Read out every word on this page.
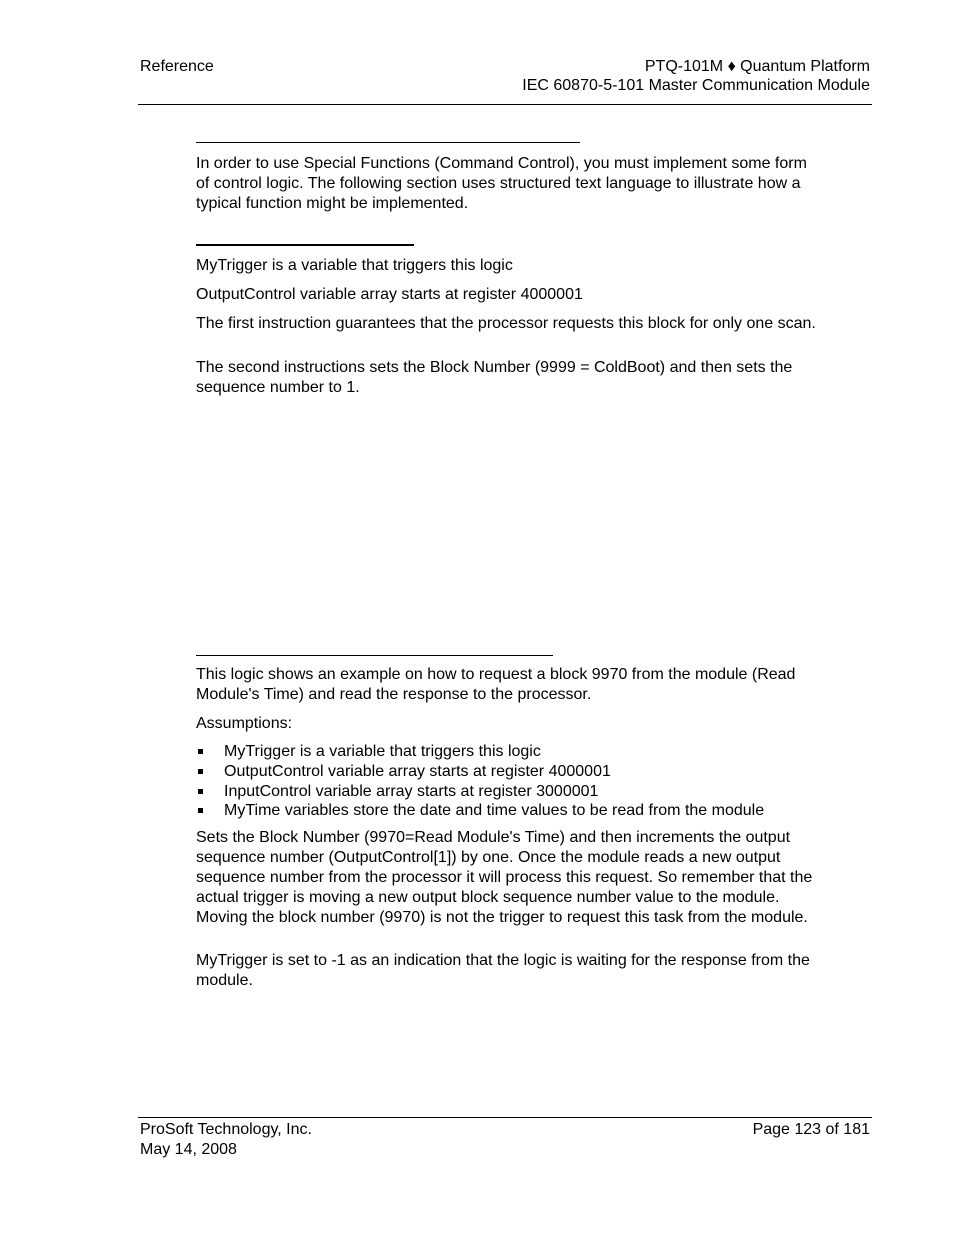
Reference	PTQ-101M ♦ Quantum Platform
IEC 60870-5-101 Master Communication Module
In order to use Special Functions (Command Control), you must implement some form of control logic. The following section uses structured text language to illustrate how a typical function might be implemented.
MyTrigger is a variable that triggers this logic
OutputControl variable array starts at register 4000001
The first instruction guarantees that the processor requests this block for only one scan.
The second instructions sets the Block Number (9999 = ColdBoot) and then sets the sequence number to 1.
This logic shows an example on how to request a block 9970 from the module (Read Module's Time) and read the response to the processor.
Assumptions:
MyTrigger is a variable that triggers this logic
OutputControl variable array starts at register 4000001
InputControl variable array starts at register 3000001
MyTime variables store the date and time values to be read from the module
Sets the Block Number (9970=Read Module's Time) and then increments the output sequence number (OutputControl[1]) by one. Once the module reads a new output sequence number from the processor it will process this request. So remember that the actual trigger is moving a new output block sequence number value to the module. Moving the block number (9970) is not the trigger to request this task from the module.
MyTrigger is set to -1 as an indication that the logic is waiting for the response from the module.
ProSoft Technology, Inc.
May 14, 2008
Page 123 of 181
